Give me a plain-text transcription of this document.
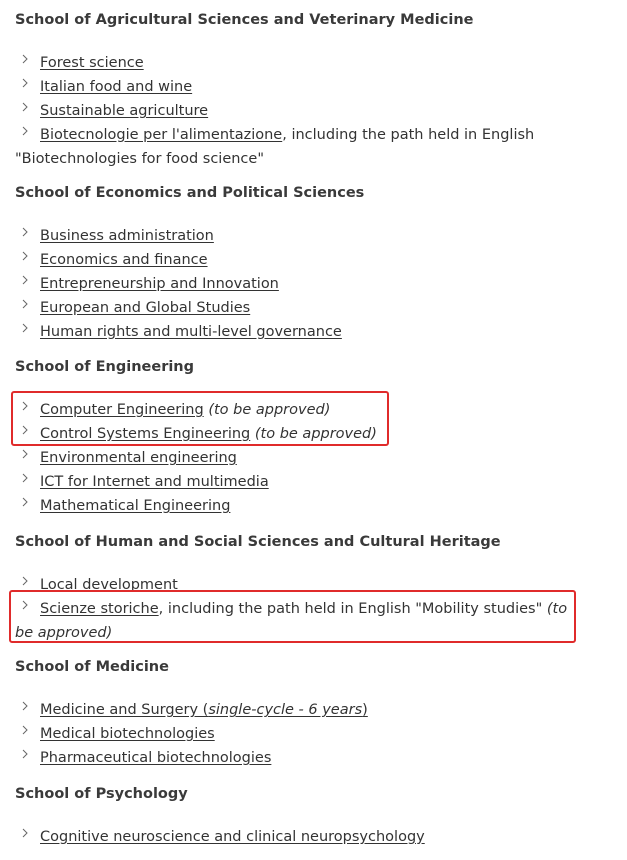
School of Agricultural Sciences and Veterinary Medicine
Forest science
Italian food and wine
Sustainable agriculture
Biotecnologie per l'alimentazione, including the path held in English "Biotechnologies for food science"
School of Economics and Political Sciences
Business administration
Economics and finance
Entrepreneurship and Innovation
European and Global Studies
Human rights and multi-level governance
School of Engineering
Computer Engineering (to be approved)
Control Systems Engineering (to be approved)
Environmental engineering
ICT for Internet and multimedia
Mathematical Engineering
School of Human and Social Sciences and Cultural Heritage
Local development
Scienze storiche, including the path held in English "Mobility studies" (to be approved)
School of Medicine
Medicine and Surgery (single-cycle - 6 years)
Medical biotechnologies
Pharmaceutical biotechnologies
School of Psychology
Cognitive neuroscience and clinical neuropsychology
